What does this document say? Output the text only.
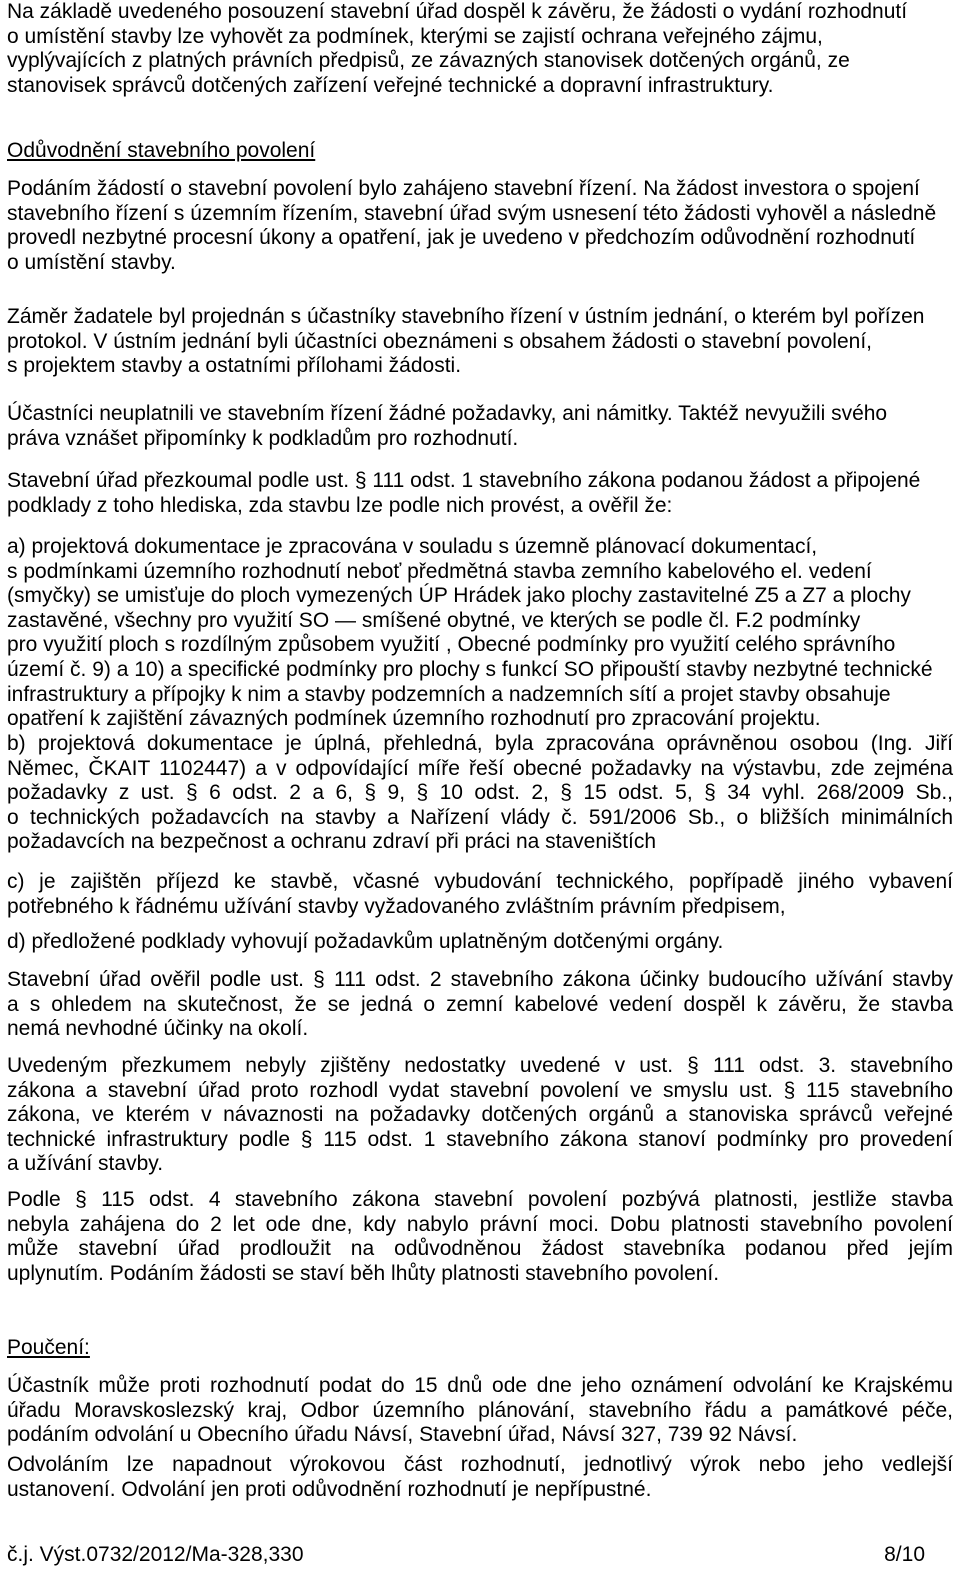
Na základě uvedeného posouzení stavební úřad dospěl k závěru, že žádosti o vydání rozhodnutí
o umístění stavby lze vyhovět za podmínek, kterými se zajistí ochrana veřejného zájmu,
vyplývajících z platných právních předpisů, ze závazných stanovisek dotčených orgánů, ze
stanovisek správců dotčených zařízení veřejné technické a dopravní infrastruktury.
Odůvodnění stavebního povolení
Podáním žádostí o stavební povolení bylo zahájeno stavební řízení. Na žádost investora o spojení
stavebního řízení s územním řízením, stavební úřad svým usnesení této žádosti vyhověl a následně
provedl nezbytné procesní úkony a opatření, jak je uvedeno v předchozím odůvodnění rozhodnutí
o umístění stavby.
Záměr žadatele byl projednán s účastníky stavebního řízení v ústním jednání, o kterém byl pořízen
protokol. V ústním jednání byli účastníci obeznámeni s obsahem žádosti o stavební povolení,
s projektem stavby a ostatními přílohami žádosti.
Účastníci neuplatnili ve stavebním řízení žádné požadavky, ani námitky. Taktéž nevyužili svého
práva vznášet připomínky k podkladům pro rozhodnutí.
Stavební úřad přezkoumal podle ust. § 111 odst. 1 stavebního zákona podanou žádost a připojené
podklady z toho hlediska, zda stavbu lze podle nich provést, a ověřil že:
a) projektová dokumentace je zpracována v souladu s územně plánovací dokumentací,
s podmínkami územního rozhodnutí neboť předmětná stavba zemního kabelového el. vedení
(smyčky) se umisťuje do ploch vymezených ÚP Hrádek jako plochy zastavitelné Z5 a Z7 a plochy
zastavěné, všechny pro využití SO — smíšené obytné, ve kterých se podle čl. F.2 podmínky
pro využití ploch s rozdílným způsobem využití , Obecné podmínky pro využití celého správního
území č. 9) a 10) a specifické podmínky pro plochy s funkcí SO připouští stavby nezbytné technické
infrastruktury a přípojky k nim a stavby podzemních a nadzemních sítí a projet stavby obsahuje
opatření k zajištění závazných podmínek územního rozhodnutí pro zpracování projektu.
b) projektová dokumentace je úplná, přehledná, byla zpracována oprávněnou osobou (Ing. Jiří
Němec, ČKAIT 1102447) a v odpovídající míře řeší obecné požadavky na výstavbu, zde zejména
požadavky z ust. § 6 odst. 2 a 6, § 9, § 10 odst. 2, § 15 odst. 5, § 34 vyhl. 268/2009 Sb.,
o technických požadavcích na stavby a Nařízení vlády č. 591/2006 Sb., o bližších minimálních
požadavcích na bezpečnost a ochranu zdraví při práci na staveništích
c) je zajištěn příjezd ke stavbě, včasné vybudování technického, popřípadě jiného vybavení
potřebného k řádnému užívání stavby vyžadovaného zvláštním právním předpisem,
d) předložené podklady vyhovují požadavkům uplatněným dotčenými orgány.
Stavební úřad ověřil podle ust. § 111 odst. 2 stavebního zákona účinky budoucího užívání stavby
a s ohledem na skutečnost, že se jedná o zemní kabelové vedení dospěl k závěru, že stavba
nemá nevhodné účinky na okolí.
Uvedeným přezkumem nebyly zjištěny nedostatky uvedené v ust. § 111 odst. 3. stavebního
zákona a stavební úřad proto rozhodl vydat stavební povolení ve smyslu ust. § 115 stavebního
zákona, ve kterém v návaznosti na požadavky dotčených orgánů a stanoviska správců veřejné
technické infrastruktury podle § 115 odst. 1 stavebního zákona stanoví podmínky pro provedení
a užívání stavby.
Podle § 115 odst. 4 stavebního zákona stavební povolení pozbývá platnosti, jestliže stavba
nebyla zahájena do 2 let ode dne, kdy nabylo právní moci. Dobu platnosti stavebního povolení
může stavební úřad prodloužit na odůvodněnou žádost stavebníka podanou před jejím
uplynutím. Podáním žádosti se staví běh lhůty platnosti stavebního povolení.
Poučení:
Účastník může proti rozhodnutí podat do 15 dnů ode dne jeho oznámení odvolání ke Krajskému
úřadu Moravskoslezský kraj, Odbor územního plánování, stavebního řádu a památkové péče,
podáním odvolání u Obecního úřadu Návsí, Stavební úřad, Návsí 327, 739 92 Návsí.
Odvoláním lze napadnout výrokovou část rozhodnutí, jednotlivý výrok nebo jeho vedlejší
ustanovení. Odvolání jen proti odůvodnění rozhodnutí je nepřípustné.
č.j. Výst.0732/2012/Ma-328,330	8/10
